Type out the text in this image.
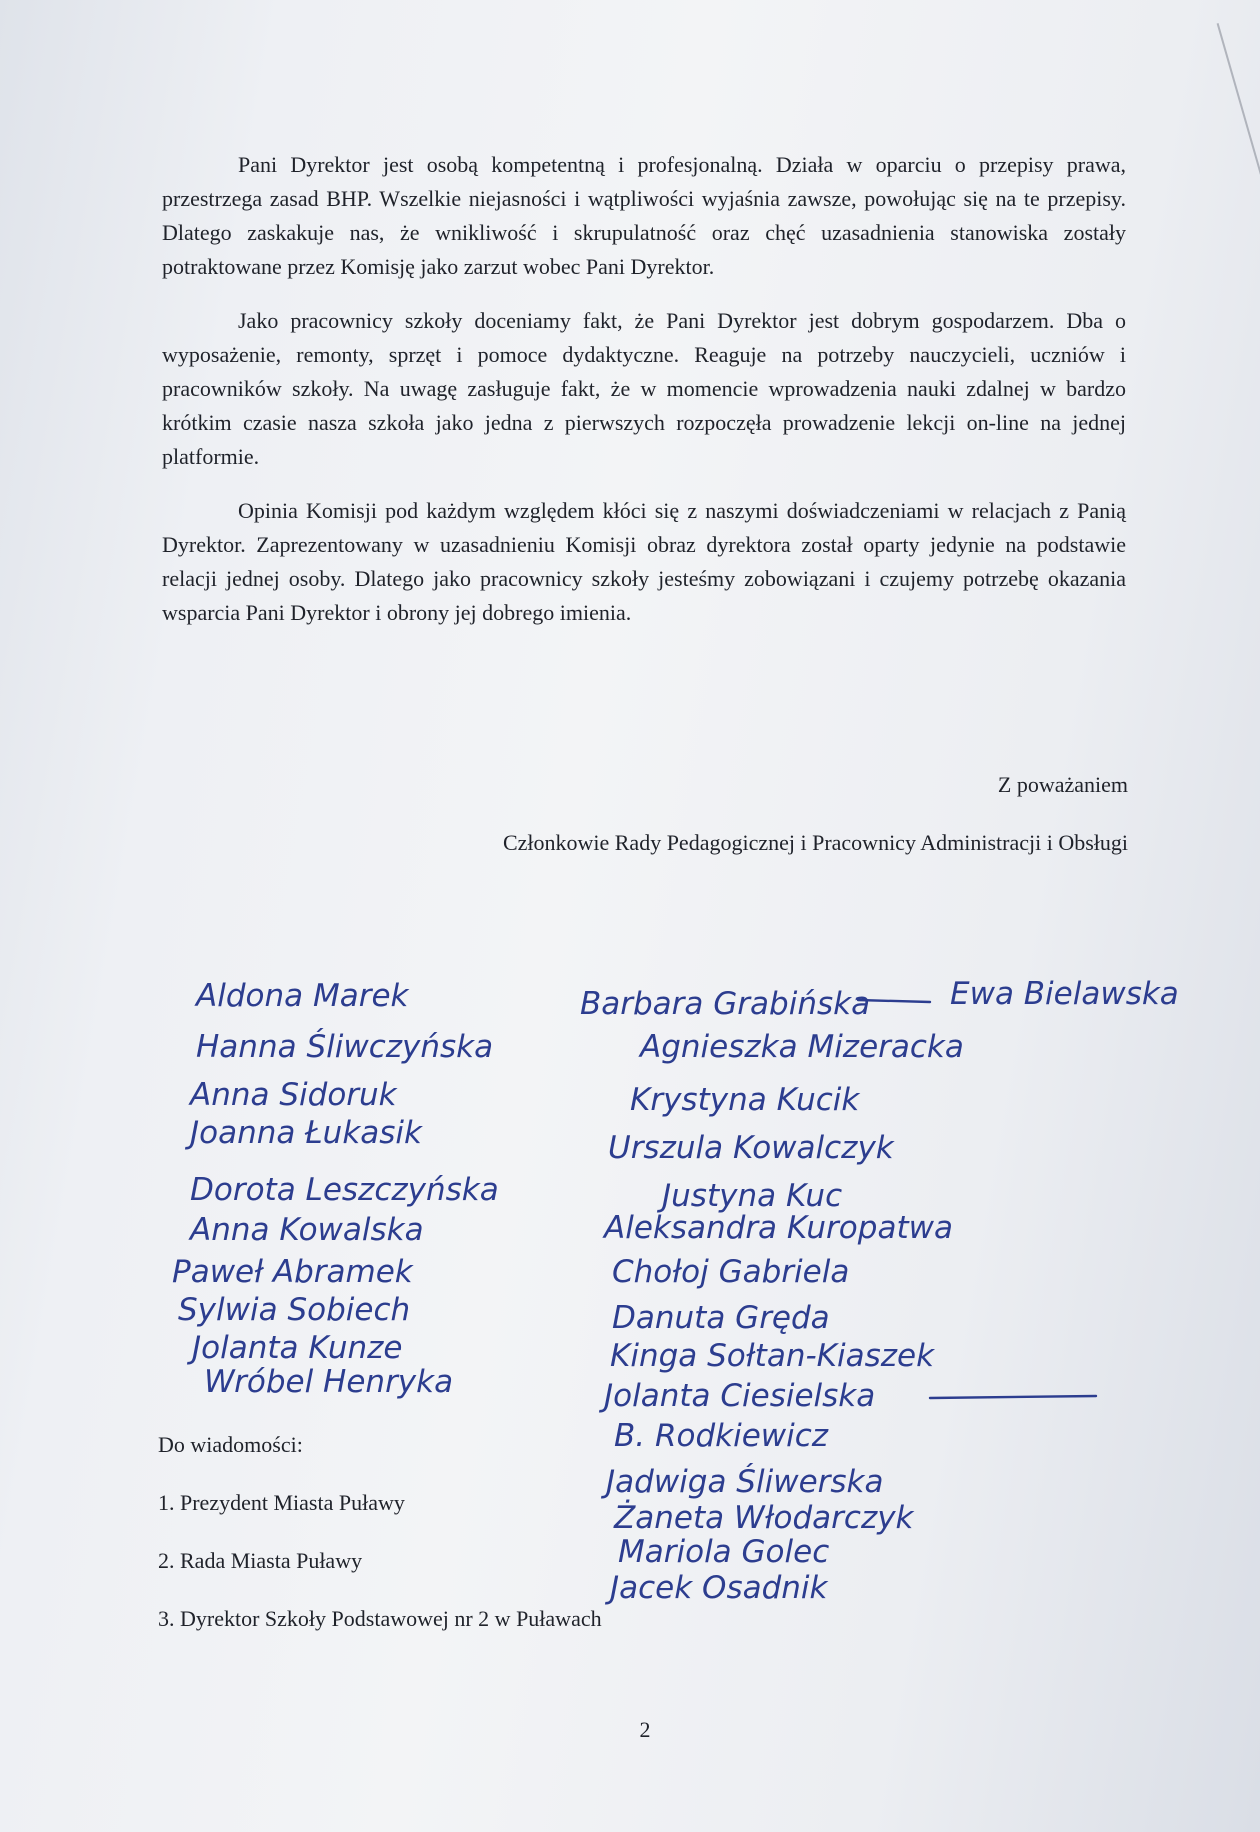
Pani Dyrektor jest osobą kompetentną i profesjonalną. Działa w oparciu o przepisy prawa, przestrzega zasad BHP. Wszelkie niejasności i wątpliwości wyjaśnia zawsze, powołując się na te przepisy. Dlatego zaskakuje nas, że wnikliwość i skrupulatność oraz chęć uzasadnienia stanowiska zostały potraktowane przez Komisję jako zarzut wobec Pani Dyrektor.

Jako pracownicy szkoły doceniamy fakt, że Pani Dyrektor jest dobrym gospodarzem. Dba o wyposażenie, remonty, sprzęt i pomoce dydaktyczne. Reaguje na potrzeby nauczycieli, uczniów i pracowników szkoły. Na uwagę zasługuje fakt, że w momencie wprowadzenia nauki zdalnej w bardzo krótkim czasie nasza szkoła jako jedna z pierwszych rozpoczęła prowadzenie lekcji on-line na jednej platformie.

Opinia Komisji pod każdym względem kłóci się z naszymi doświadczeniami w relacjach z Panią Dyrektor. Zaprezentowany w uzasadnieniu Komisji obraz dyrektora został oparty jedynie na podstawie relacji jednej osoby. Dlatego jako pracownicy szkoły jesteśmy zobowiązani i czujemy potrzebę okazania wsparcia Pani Dyrektor i obrony jej dobrego imienia.

Z poważaniem
Członkowie Rady Pedagogicznej i Pracownicy Administracji i Obsługi
Aldona Marek
Hanna Śliwczyńska
Anna Sidoruk
Joanna Łukasik
Dorota Leszczyńska
Anna Kowalska
Paweł Abramek
Sylwia Sobiech
Jolanta Kunze
Wróbel Henryka
Barbara Grabińska	Ewa Bielawska
Agnieszka Mizeracka
Krystyna Kucik
Urszula Kowalczyk
Justyna Kuc
Aleksandra Kuropatwa
Chołoj Gabriela
Danuta Gręda
Kinga Sołtan-Kiaszek
Jolanta Ciesielska
B. Rodkiewicz
Jadwiga Śliwerska
Żaneta Włodarczyk
Mariola Golec
Jacek Osadnik
Do wiadomości:
1. Prezydent Miasta Puławy
2. Rada Miasta Puławy
3. Dyrektor Szkoły Podstawowej nr 2 w Puławach
2
